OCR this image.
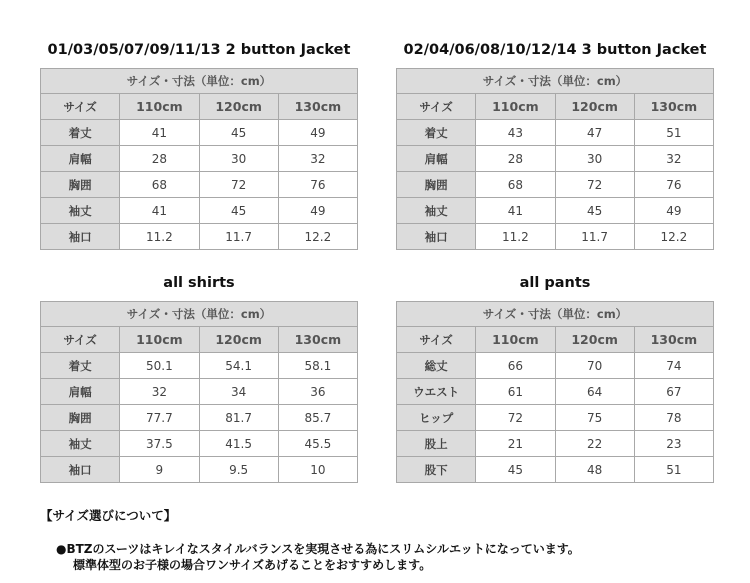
01/03/05/07/09/11/13 2 button Jacket
サイズ・寸法（単位：cm）			
サイズ	110cm	120cm	130cm
着丈	41	45	49
肩幅	28	30	32
胸囲	68	72	76
袖丈	41	45	49
袖口	11.2	11.7	12.2
02/04/06/08/10/12/14 3 button Jacket
サイズ・寸法（単位：cm）			
サイズ	110cm	120cm	130cm
着丈	43	47	51
肩幅	28	30	32
胸囲	68	72	76
袖丈	41	45	49
袖口	11.2	11.7	12.2
all shirts
サイズ・寸法（単位：cm）			
サイズ	110cm	120cm	130cm
着丈	50.1	54.1	58.1
肩幅	32	34	36
胸囲	77.7	81.7	85.7
袖丈	37.5	41.5	45.5
袖口	9	9.5	10
all pants
サイズ・寸法（単位：cm）			
サイズ	110cm	120cm	130cm
総丈	66	70	74
ウエスト	61	64	67
ヒップ	72	75	78
股上	21	22	23
股下	45	48	51
【サイズ選びについて】
●BTZのスーツはキレイなスタイルバランスを実現させる為にスリムシルエットになっています。
標準体型のお子様の場合ワンサイズあげることをおすすめします。
